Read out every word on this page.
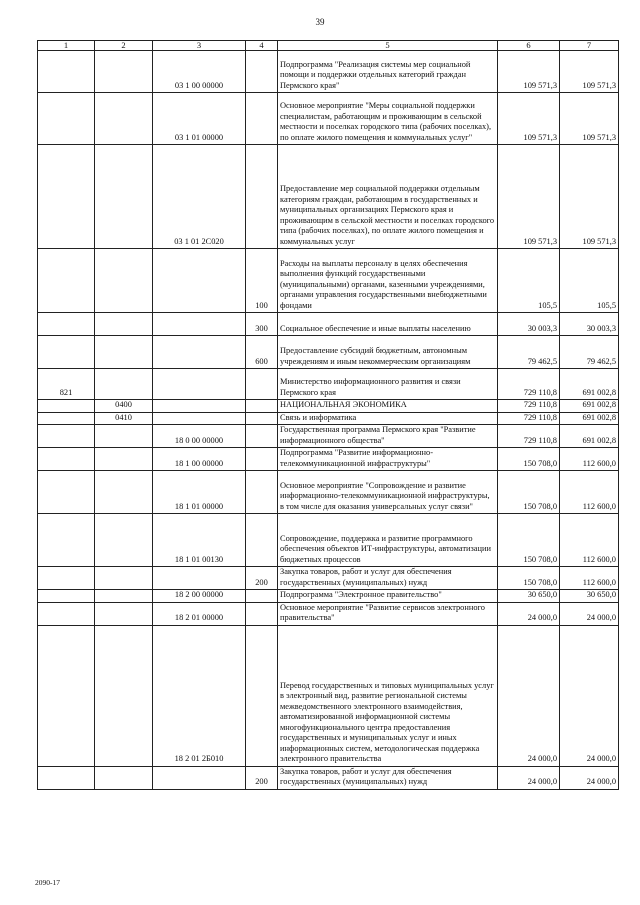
39
1	2	3	4	5	6	7
		03 1 00 00000		Подпрограмма "Реализация системы мер социальной помощи и поддержки отдельных категорий граждан Пермского края"	109 571,3	109 571,3
		03 1 01 00000		Основное мероприятие "Меры социальной поддержки специалистам, работающим и проживающим в сельской местности и поселках городского типа (рабочих поселках), по оплате жилого помещения и коммунальных услуг"	109 571,3	109 571,3
		03 1 01 2С020		Предоставление мер социальной поддержки отдельным категориям граждан, работающим в государственных и муниципальных организациях Пермского края и проживающим в сельской местности и поселках городского типа (рабочих поселках), по оплате жилого помещения и коммунальных услуг	109 571,3	109 571,3
			100	Расходы на выплаты персоналу в целях обеспечения выполнения функций государственными (муниципальными) органами, казенными учреждениями, органами управления государственными внебюджетными фондами	105,5	105,5
			300	Социальное обеспечение и иные выплаты населению	30 003,3	30 003,3
			600	Предоставление субсидий бюджетным, автономным учреждениям и иным некоммерческим организациям	79 462,5	79 462,5
821				Министерство информационного развития и связи Пермского края	729 110,8	691 002,8
	0400			НАЦИОНАЛЬНАЯ ЭКОНОМИКА	729 110,8	691 002,8
	0410			Связь и информатика	729 110,8	691 002,8
		18 0 00 00000		Государственная программа Пермского края "Развитие информационного общества"	729 110,8	691 002,8
		18 1 00 00000		Подпрограмма "Развитие информационно-телекоммуникационной инфраструктуры"	150 708,0	112 600,0
		18 1 01 00000		Основное мероприятие "Сопровождение и развитие информационно-телекоммуникационной инфраструктуры, в том числе для оказания универсальных услуг связи"	150 708,0	112 600,0
		18 1 01 00130		Сопровождение, поддержка и развитие программного обеспечения объектов ИТ-инфраструктуры, автоматизации бюджетных процессов	150 708,0	112 600,0
			200	Закупка товаров, работ и услуг для обеспечения государственных (муниципальных) нужд	150 708,0	112 600,0
		18 2 00 00000		Подпрограмма "Электронное правительство"	30 650,0	30 650,0
		18 2 01 00000		Основное мероприятие "Развитие сервисов электронного правительства"	24 000,0	24 000,0
		18 2 01 2Б010		Перевод государственных и типовых муниципальных услуг в электронный вид, развитие региональной системы межведомственного электронного взаимодействия, автоматизированной информационной системы многофункционального центра предоставления государственных и муниципальных услуг и иных информационных систем, методологическая поддержка электронного правительства	24 000,0	24 000,0
			200	Закупка товаров, работ и услуг для обеспечения государственных (муниципальных) нужд	24 000,0	24 000,0
2090-17
